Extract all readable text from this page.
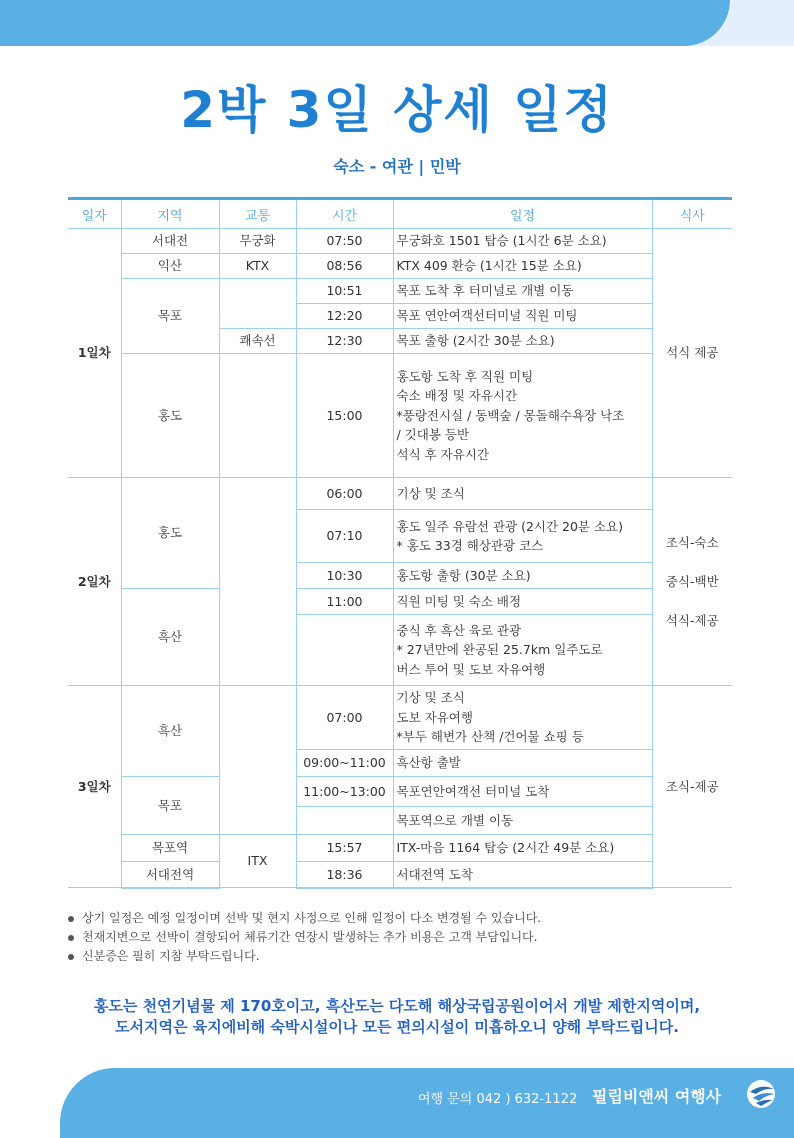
2박 3일 상세 일정
숙소 - 여관 | 민박
일자	지역	교통	시간	일정	식사
1일차	서대전	무궁화	07:50	무궁화호 1501 탑승 (1시간 6분 소요)	석식 제공
	익산	KTX	08:56	KTX 409 환승 (1시간 15분 소요)	
	목포		10:51	목포 도착 후 터미널로 개별 이동	
			12:20	목포 연안여객선터미널 직원 미팅	
		쾌속선	12:30	목포 출항 (2시간 30분 소요)	
	홍도		15:00	홍도항 도착 후 직원 미팅
숙소 배정 및 자유시간
*풍랑전시실 / 동백숲 / 몽돌해수욕장 낙조
/ 깃대봉 등반
석식 후 자유시간	
2일차	홍도		06:00	기상 및 조식	조식-숙소

중식-백반

석식-제공
			07:10	홍도 일주 유람선 관광 (2시간 20분 소요)
* 홍도 33경 해상관광 코스	
			10:30	홍도항 출항 (30분 소요)	
	흑산		11:00	직원 미팅 및 숙소 배정	
				중식 후 흑산 육로 관광
* 27년만에 완공된 25.7km 일주도로
버스 투어 및 도보 자유여행	
3일차	흑산		07:00	기상 및 조식
도보 자유여행
*부두 해변가 산책 /건어물 쇼핑 등	조식-제공
			09:00~11:00	흑산항 출발	
	목포		11:00~13:00	목포연안여객선 터미널 도착	
				목포역으로 개별 이동	
	목포역	ITX	15:57	ITX-마음 1164 탑승 (2시간 49분 소요)	
	서대전역		18:36	서대전역 도착	
상기 일정은 예정 일정이며 선박 및 현지 사정으로 인해 일정이 다소 변경될 수 있습니다.
천재지변으로 선박이 결항되어 체류기간 연장시 발생하는 추가 비용은 고객 부담입니다.
신분증은 필히 지참 부탁드립니다.
홍도는 천연기념물 제 170호이고, 흑산도는 다도해 해상국립공원이어서 개발 제한지역이며,
도서지역은 육지에비해 숙박시설이나 모든 편의시설이 미흡하오니 양해 부탁드립니다.
여행 문의 042 ) 632-1122 필립비앤씨 여행사
